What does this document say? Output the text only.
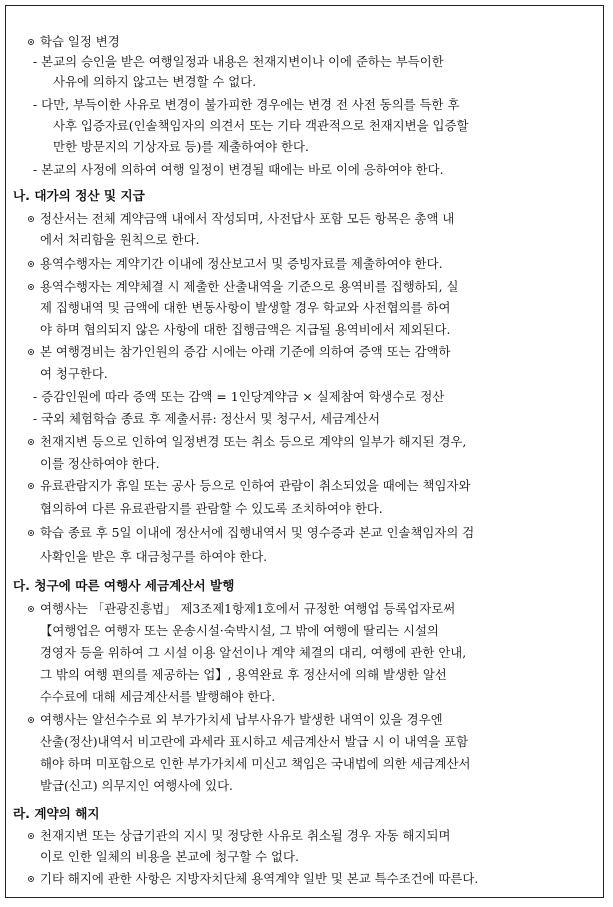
학습 일정 변경
- 본교의 승인을 받은 여행일정과 내용은 천재지변이나 이에 준하는 부득이한
사유에 의하지 않고는 변경할 수 없다.
- 다만, 부득이한 사유로 변경이 불가피한 경우에는 변경 전 사전 동의를 득한 후
사후 입증자료(인솔책임자의 의견서 또는 기타 객관적으로 천재지변을 입증할
만한 방문지의 기상자료 등)를 제출하여야 한다.
- 본교의 사정에 의하여 여행 일정이 변경될 때에는 바로 이에 응하여야 한다.
나. 대가의 정산 및 지급
정산서는 전체 계약금액 내에서 작성되며, 사전답사 포함 모든 항목은 총액 내
에서 처리함을 원칙으로 한다.
용역수행자는 계약기간 이내에 정산보고서 및 증빙자료를 제출하여야 한다.
용역수행자는 계약체결 시 제출한 산출내역을 기준으로 용역비를 집행하되, 실
제 집행내역 및 금액에 대한 변동사항이 발생할 경우 학교와 사전협의를 하여
야 하며 협의되지 않은 사항에 대한 집행금액은 지급될 용역비에서 제외된다.
본 여행경비는 참가인원의 증감 시에는 아래 기준에 의하여 증액 또는 감액하
여 청구한다.
- 증감인원에 따라 증액 또는 감액 = 1인당계약금 × 실제참여 학생수로 정산
- 국외 체험학습 종료 후 제출서류: 정산서 및 청구서, 세금계산서
천재지변 등으로 인하여 일정변경 또는 취소 등으로 계약의 일부가 해지된 경우,
이를 정산하여야 한다.
유료관람지가 휴일 또는 공사 등으로 인하여 관람이 취소되었을 때에는 책임자와
협의하여 다른 유료관람지를 관람할 수 있도록 조치하여야 한다.
학습 종료 후 5일 이내에 정산서에 집행내역서 및 영수증과 본교 인솔책임자의 검
사확인을 받은 후 대금청구를 하여야 한다.
다. 청구에 따른 여행사 세금계산서 발행
여행사는 「관광진흥법」 제3조제1항제1호에서 규정한 여행업 등록업자로써
【여행업은 여행자 또는 운송시설·숙박시설, 그 밖에 여행에 딸리는 시설의
경영자 등을 위하여 그 시설 이용 알선이나 계약 체결의 대리, 여행에 관한 안내,
그 밖의 여행 편의를 제공하는 업】, 용역완료 후 정산서에 의해 발생한 알선
수수료에 대해 세금계산서를 발행해야 한다.
여행사는 알선수수료 외 부가가치세 납부사유가 발생한 내역이 있을 경우엔
산출(정산)내역서 비고란에 과세라 표시하고 세금계산서 발급 시 이 내역을 포함
해야 하며 미포함으로 인한 부가가치세 미신고 책임은 국내법에 의한 세금계산서
발급(신고) 의무지인 여행사에 있다.
라. 계약의 해지
천재지변 또는 상급기관의 지시 및 정당한 사유로 취소될 경우 자동 해지되며
이로 인한 일체의 비용을 본교에 청구할 수 없다.
기타 해지에 관한 사항은 지방자치단체 용역계약 일반 및 본교 특수조건에 따른다.
